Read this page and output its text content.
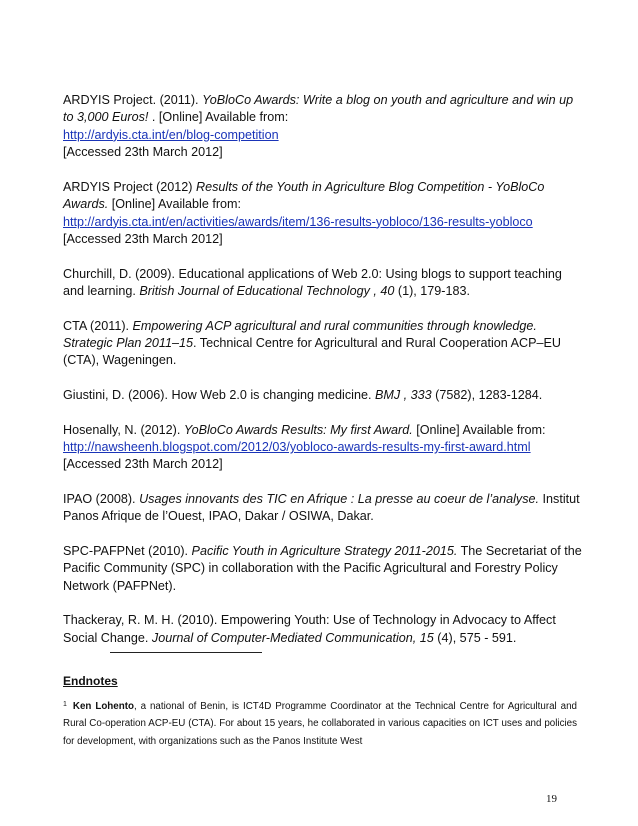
ARDYIS Project. (2011). YoBloCo Awards: Write a blog on youth and agriculture and win up to 3,000 Euros! . [Online] Available from:

http://ardyis.cta.int/en/blog-competition

[Accessed 23th March 2012]

ARDYIS Project (2012) Results of the Youth in Agriculture Blog Competition - YoBloCo Awards. [Online] Available from:

http://ardyis.cta.int/en/activities/awards/item/136-results-yobloco/136-results-yobloco

[Accessed 23th March 2012]

Churchill, D. (2009). Educational applications of Web 2.0: Using blogs to support teaching and learning. British Journal of Educational Technology , 40 (1), 179-183.

CTA (2011). Empowering ACP agricultural and rural communities through knowledge. Strategic Plan 2011–15. Technical Centre for Agricultural and Rural Cooperation ACP–EU (CTA), Wageningen.

Giustini, D. (2006). How Web 2.0 is changing medicine. BMJ , 333 (7582), 1283-1284.

Hosenally, N. (2012). YoBloCo Awards Results: My first Award. [Online] Available from:

http://nawsheenh.blogspot.com/2012/03/yobloco-awards-results-my-first-award.html

[Accessed 23th March 2012]

IPAO (2008). Usages innovants des TIC en Afrique : La presse au coeur de l’analyse. Institut Panos Afrique de l’Ouest, IPAO, Dakar / OSIWA, Dakar.

SPC-PAFPNet (2010). Pacific Youth in Agriculture Strategy 2011-2015. The Secretariat of the Pacific Community (SPC) in collaboration with the Pacific Agricultural and Forestry Policy Network (PAFPNet).

Thackeray, R. M. H. (2010). Empowering Youth: Use of Technology in Advocacy to Affect Social Change. Journal of Computer-Mediated Communication, 15 (4), 575 - 591.

Endnotes
$^1$ Ken Lohento, a national of Benin, is ICT4D Programme Coordinator at the Technical Centre for Agricultural and Rural Co-operation ACP-EU (CTA). For about 15 years, he collaborated in various capacities on ICT uses and policies for development, with organizations such as the Panos Institute West
19
